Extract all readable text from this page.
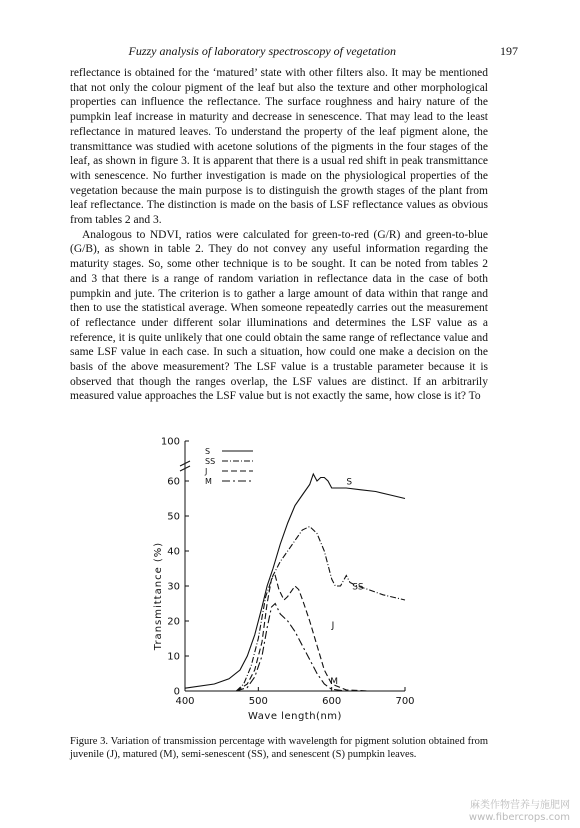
Fuzzy analysis of laboratory spectroscopy of vegetation	197

reflectance is obtained for the ‘matured’ state with other filters also. It may be mentioned that not only the colour pigment of the leaf but also the texture and other morphological properties can influence the reflectance. The surface roughness and hairy nature of the pumpkin leaf increase in maturity and decrease in senescence. That may lead to the least reflectance in matured leaves. To understand the property of the leaf pigment alone, the transmittance was studied with acetone solutions of the pigments in the four stages of the leaf, as shown in figure 3. It is apparent that there is a usual red shift in peak transmittance with senescence. No further investigation is made on the physiological properties of the vegetation because the main purpose is to distinguish the growth stages of the plant from leaf reflectance. The distinction is made on the basis of LSF reflectance values as obvious from tables 2 and 3.

Analogous to NDVI, ratios were calculated for green-to-red (G/R) and green-to-blue (G/B), as shown in table 2. They do not convey any useful information regarding the maturity stages. So, some other technique is to be sought. It can be noted from tables 2 and 3 that there is a range of random variation in reflectance data in the case of both pumpkin and jute. The criterion is to gather a large amount of data within that range and then to use the statistical average. When someone repeatedly carries out the measurement of reflectance under different solar illuminations and determines the LSF value as a reference, it is quite unlikely that one could obtain the same range of reflectance value and same LSF value in each case. In such a situation, how could one make a decision on the basis of the above measurement? The LSF value is a trustable parameter because it is observed that though the ranges overlap, the LSF values are distinct. If an arbitrarily measured value approaches the LSF value but is not exactly the same, how close is it? To

0
10
20
30
40
50
60
100
400	500	600	700
Wave length(nm)
Transmittance (%)
S
S
SS
SS
J
J
M
M
Figure 3. Variation of transmission percentage with wavelength for pigment solution obtained from juvenile (J), matured (M), semi-senescent (SS), and senescent (S) pumpkin leaves.
麻类作物营养与施肥网
www.fibercrops.com
